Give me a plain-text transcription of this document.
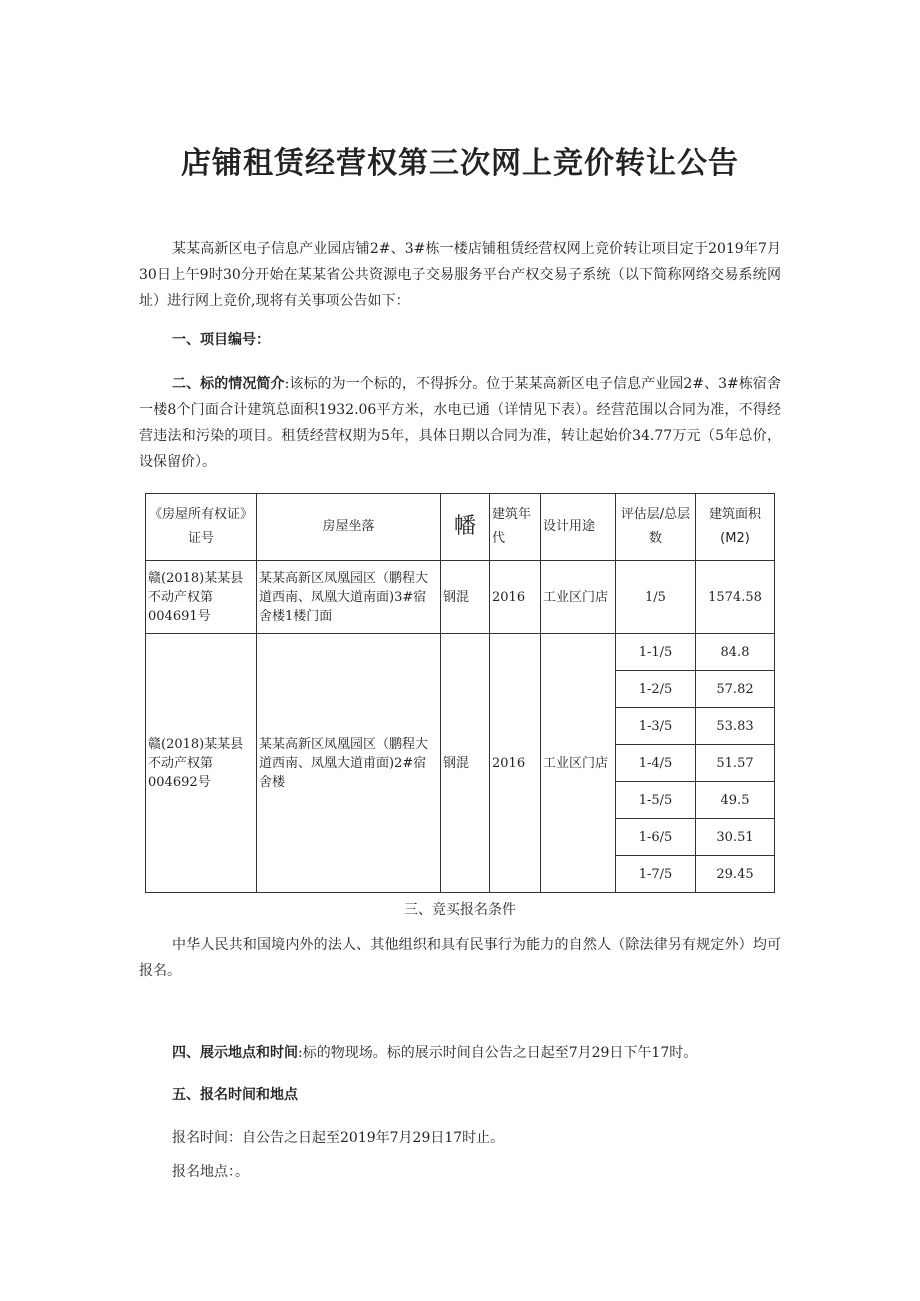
店铺租赁经营权第三次网上竞价转让公告

某某高新区电子信息产业园店铺2#、3#栋一楼店铺租赁经营权网上竞价转让项目定于2019年7月30日上午9时30分开始在某某省公共资源电子交易服务平台产权交易子系统（以下简称网络交易系统网址）进行网上竞价,现将有关事项公告如下：

一、项目编号：

二、标的情况简介:该标的为一个标的，不得拆分。位于某某高新区电子信息产业园2#、3#栋宿舍一楼8个门面合计建筑总面积1932.06平方米，水电已通（详情见下表）。经营范围以合同为准，不得经营违法和污染的项目。租赁经营权期为5年，具体日期以合同为准，转让起始价34.77万元（5年总价，设保留价）。

《房屋所有权证》证号	房屋坐落	幡	建筑年代	设计用途	评估层/总层数	建筑面积(M2)
赣(2018)某某县不动产权第004691号	某某高新区凤凰园区（鹏程大道西南、凤凰大道南面)3#宿舍楼1楼门面	钢混	2016	工业区门店	1/5	1574.58
赣(2018)某某县不动产权第004692号	某某高新区凤凰园区（鹏程大道西南、凤凰大道甫面)2#宿舍楼	钢混	2016	工业区门店	1-1/5	84.8
					1-2/5	57.82
					1-3/5	53.83
					1-4/5	51.57
					1-5/5	49.5
					1-6/5	30.51
					1-7/5	29.45

三、竞买报名条件

中华人民共和国境内外的法人、其他组织和具有民事行为能力的自然人（除法律另有规定外）均可报名。

四、展示地点和时间:标的物现场。标的展示时间自公告之日起至7月29日下午17时。

五、报名时间和地点

报名时间：自公告之日起至2019年7月29日17时止。

报名地点：。
